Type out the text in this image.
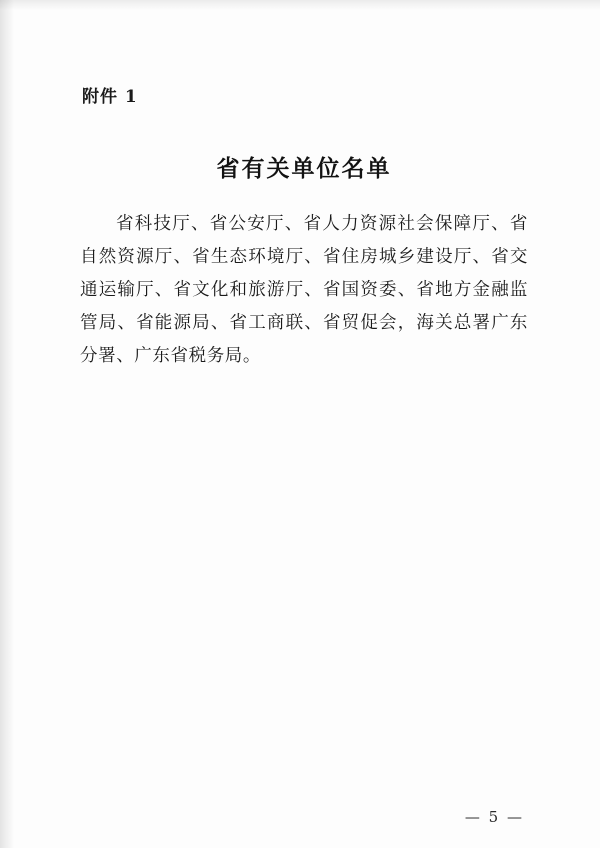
附件 1
省有关单位名单
省科技厅、省公安厅、省人力资源社会保障厅、省自然资源厅、省生态环境厅、省住房城乡建设厅、省交通运输厅、省文化和旅游厅、省国资委、省地方金融监管局、省能源局、省工商联、省贸促会，海关总署广东分署、广东省税务局。
— 5 —
